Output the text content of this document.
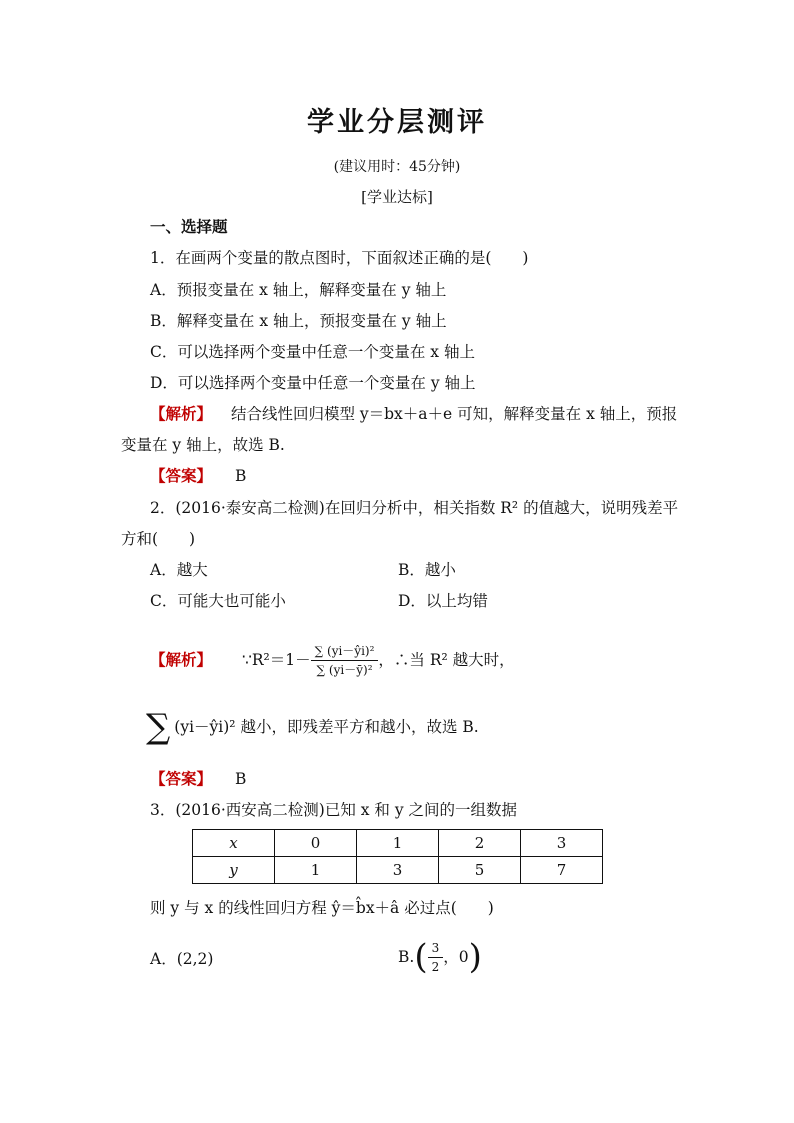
学业分层测评
(建议用时：45分钟)
[学业达标]
一、选择题
1．在画两个变量的散点图时，下面叙述正确的是(　　)
A．预报变量在 x 轴上，解释变量在 y 轴上
B．解释变量在 x 轴上，预报变量在 y 轴上
C．可以选择两个变量中任意一个变量在 x 轴上
D．可以选择两个变量中任意一个变量在 y 轴上
【解析】 结合线性回归模型 y＝bx＋a＋e 可知，解释变量在 x 轴上，预报
变量在 y 轴上，故选 B.
【答案】 B
2．(2016·泰安高二检测)在回归分析中，相关指数 R² 的值越大，说明残差平
方和(　　)
A．越大	B．越小
C．可能大也可能小	D．以上均错
【解析】 ∵R²＝1－ $\frac{\text{∑ (yi－ŷi)²}}{\text{∑ (yi－ȳ)²}}$ ，∴当 R² 越大时，
∑ (yi－ŷi)² 越小，即残差平方和越小，故选 B.
【答案】 B
3．(2016·西安高二检测)已知 x 和 y 之间的一组数据
x	0	1	2	3
y	1	3	5	7
则 y 与 x 的线性回归方程 ŷ＝b̂x＋â 必过点(　　)
A．(2,2)	B. ( $\frac{3}{2}$ ，0 )
